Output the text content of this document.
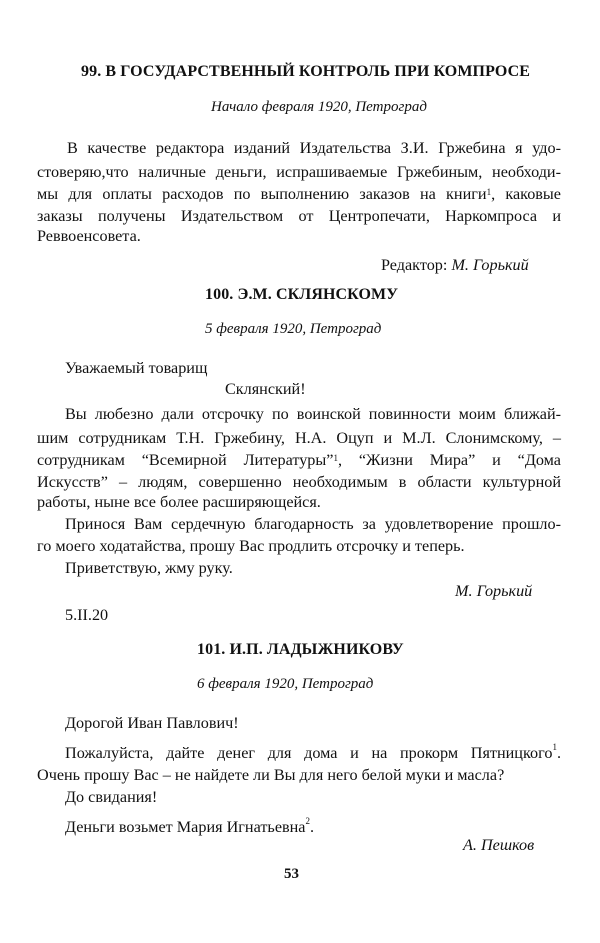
99. В ГОСУДАРСТВЕННЫЙ КОНТРОЛЬ ПРИ КОМПРОСЕ
Начало февраля 1920, Петроград
В качестве редактора изданий Издательства З.И. Гржебина я удо-
стоверяю,что наличные деньги, испрашиваемые Гржебиным, необходи-
мы для оплаты расходов по выполнению заказов на книги$^1$, каковые
заказы получены Издательством от Центропечати, Наркомпроса и
Реввоенсовета.
Редактор: М. Горький
100. Э.М. СКЛЯНСКОМУ
5 февраля 1920, Петроград
Уважаемый товарищ
Склянский!
Вы любезно дали отсрочку по воинской повинности моим ближай-
шим сотрудникам Т.Н. Гржебину, Н.А. Оцуп и М.Л. Слонимскому, –
сотрудникам “Всемирной Литературы”$^1$, “Жизни Мира” и “Дома
Искусств” – людям, совершенно необходимым в области культурной
работы, ныне все более расширяющейся.
Принося Вам сердечную благодарность за удовлетворение прошло-
го моего ходатайства, прошу Вас продлить отсрочку и теперь.
Приветствую, жму руку.
М. Горький
5.II.20
101. И.П. ЛАДЫЖНИКОВУ
6 февраля 1920, Петроград
Дорогой Иван Павлович!
Пожалуйста, дайте денег для дома и на прокорм Пятницкого$^1$.
Очень прошу Вас – не найдете ли Вы для него белой муки и масла?
До свидания!
Деньги возьмет Мария Игнатьевна$^2$.
А. Пешков
53
